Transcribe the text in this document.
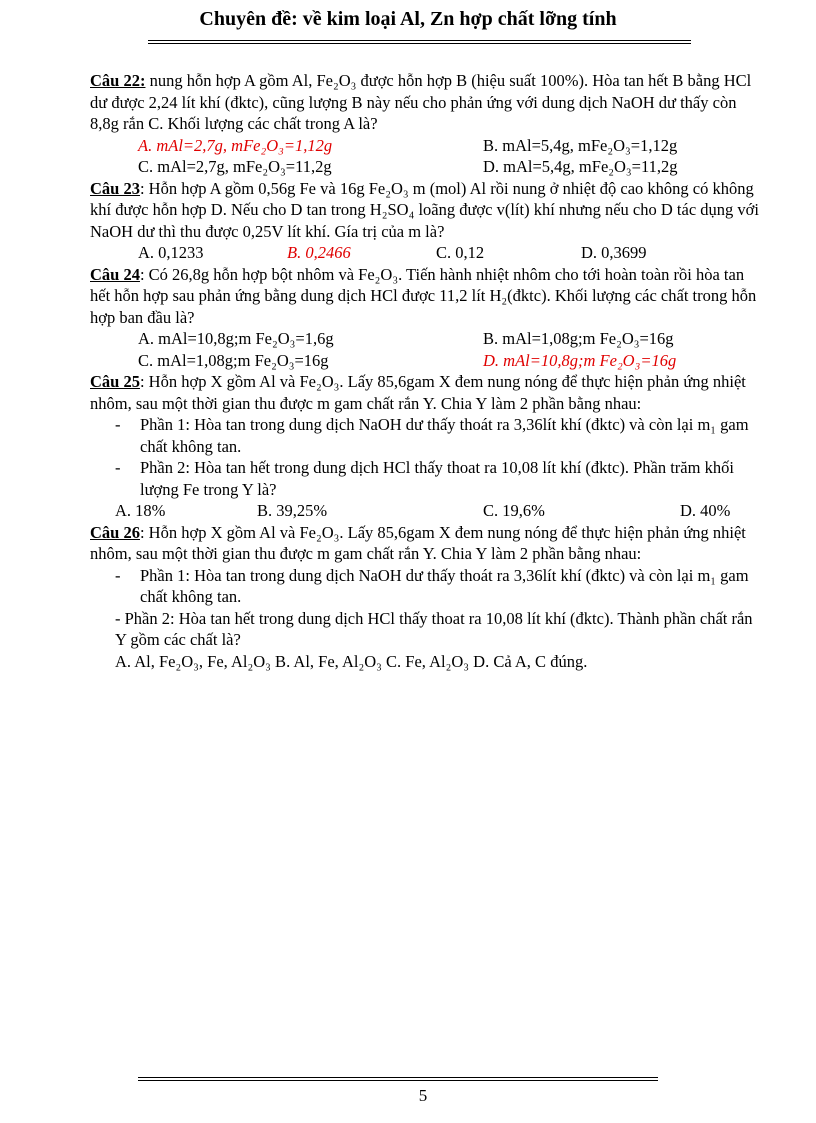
Chuyên đề: về kim loại Al, Zn hợp chất lỡng tính

Câu 22: nung hỗn hợp A gồm Al, Fe₂O₃ được hỗn hợp B (hiệu suất 100%). Hòa tan hết B bằng HCl dư được 2,24 lít khí (đktc), cũng lượng B này nếu cho phản ứng với dung dịch NaOH dư thấy còn 8,8g rắn C. Khối lượng các chất trong A là?

A. mAl=2,7g, mFe₂O₃=1,12g	B. mAl=5,4g, mFe₂O₃=1,12g
C. mAl=2,7g, mFe₂O₃=11,2g	D. mAl=5,4g, mFe₂O₃=11,2g

Câu 23: Hỗn hợp A gồm 0,56g Fe và 16g Fe₂O₃ m (mol) Al rồi nung ở nhiệt độ cao không có không khí được hỗn hợp D. Nếu cho D tan trong H₂SO₄ loãng được v(lít) khí nhưng nếu cho D tác dụng với NaOH dư thì thu được 0,25V lít khí. Gía trị của m là?

A. 0,1233	B. 0,2466	C. 0,12	D. 0,3699

Câu 24: Có 26,8g hỗn hợp bột nhôm và Fe₂O₃. Tiến hành nhiệt nhôm cho tới hoàn toàn rồi hòa tan hết hỗn hợp sau phản ứng bằng dung dịch HCl được 11,2 lít H₂(đktc). Khối lượng các chất trong hỗn hợp ban đầu là?

A. mAl=10,8g;m Fe₂O₃=1,6g	B. mAl=1,08g;m Fe₂O₃=16g
C. mAl=1,08g;m Fe₂O₃=16g	D. mAl=10,8g;m Fe₂O₃=16g

Câu 25: Hỗn hợp X gồm Al và Fe₂O₃. Lấy 85,6gam X đem nung nóng để thực hiện phản ứng nhiệt nhôm, sau một thời gian thu được m gam chất rắn Y. Chia Y làm 2 phần bằng nhau:

- Phần 1: Hòa tan trong dung dịch NaOH dư thấy thoát ra 3,36lít khí (đktc) và còn lại m₁ gam chất không tan.

- Phần 2: Hòa tan hết trong dung dịch HCl thấy thoat ra 10,08 lít khí (đktc). Phần trăm khối lượng Fe trong Y là?

A. 18%	B. 39,25%	C. 19,6%	D. 40%

Câu 26: Hỗn hợp X gồm Al và Fe₂O₃. Lấy 85,6gam X đem nung nóng để thực hiện phản ứng nhiệt nhôm, sau một thời gian thu được m gam chất rắn Y. Chia Y làm 2 phần bằng nhau:

- Phần 1: Hòa tan trong dung dịch NaOH dư thấy thoát ra 3,36lít khí (đktc) và còn lại m₁ gam chất không tan.

- Phần 2: Hòa tan hết trong dung dịch HCl thấy thoat ra 10,08 lít khí (đktc). Thành phần chất rắn Y gồm các chất là?

A. Al, Fe₂O₃, Fe, Al₂O₃ B. Al, Fe, Al₂O₃ C. Fe, Al₂O₃ D. Cả A, C đúng.

5
